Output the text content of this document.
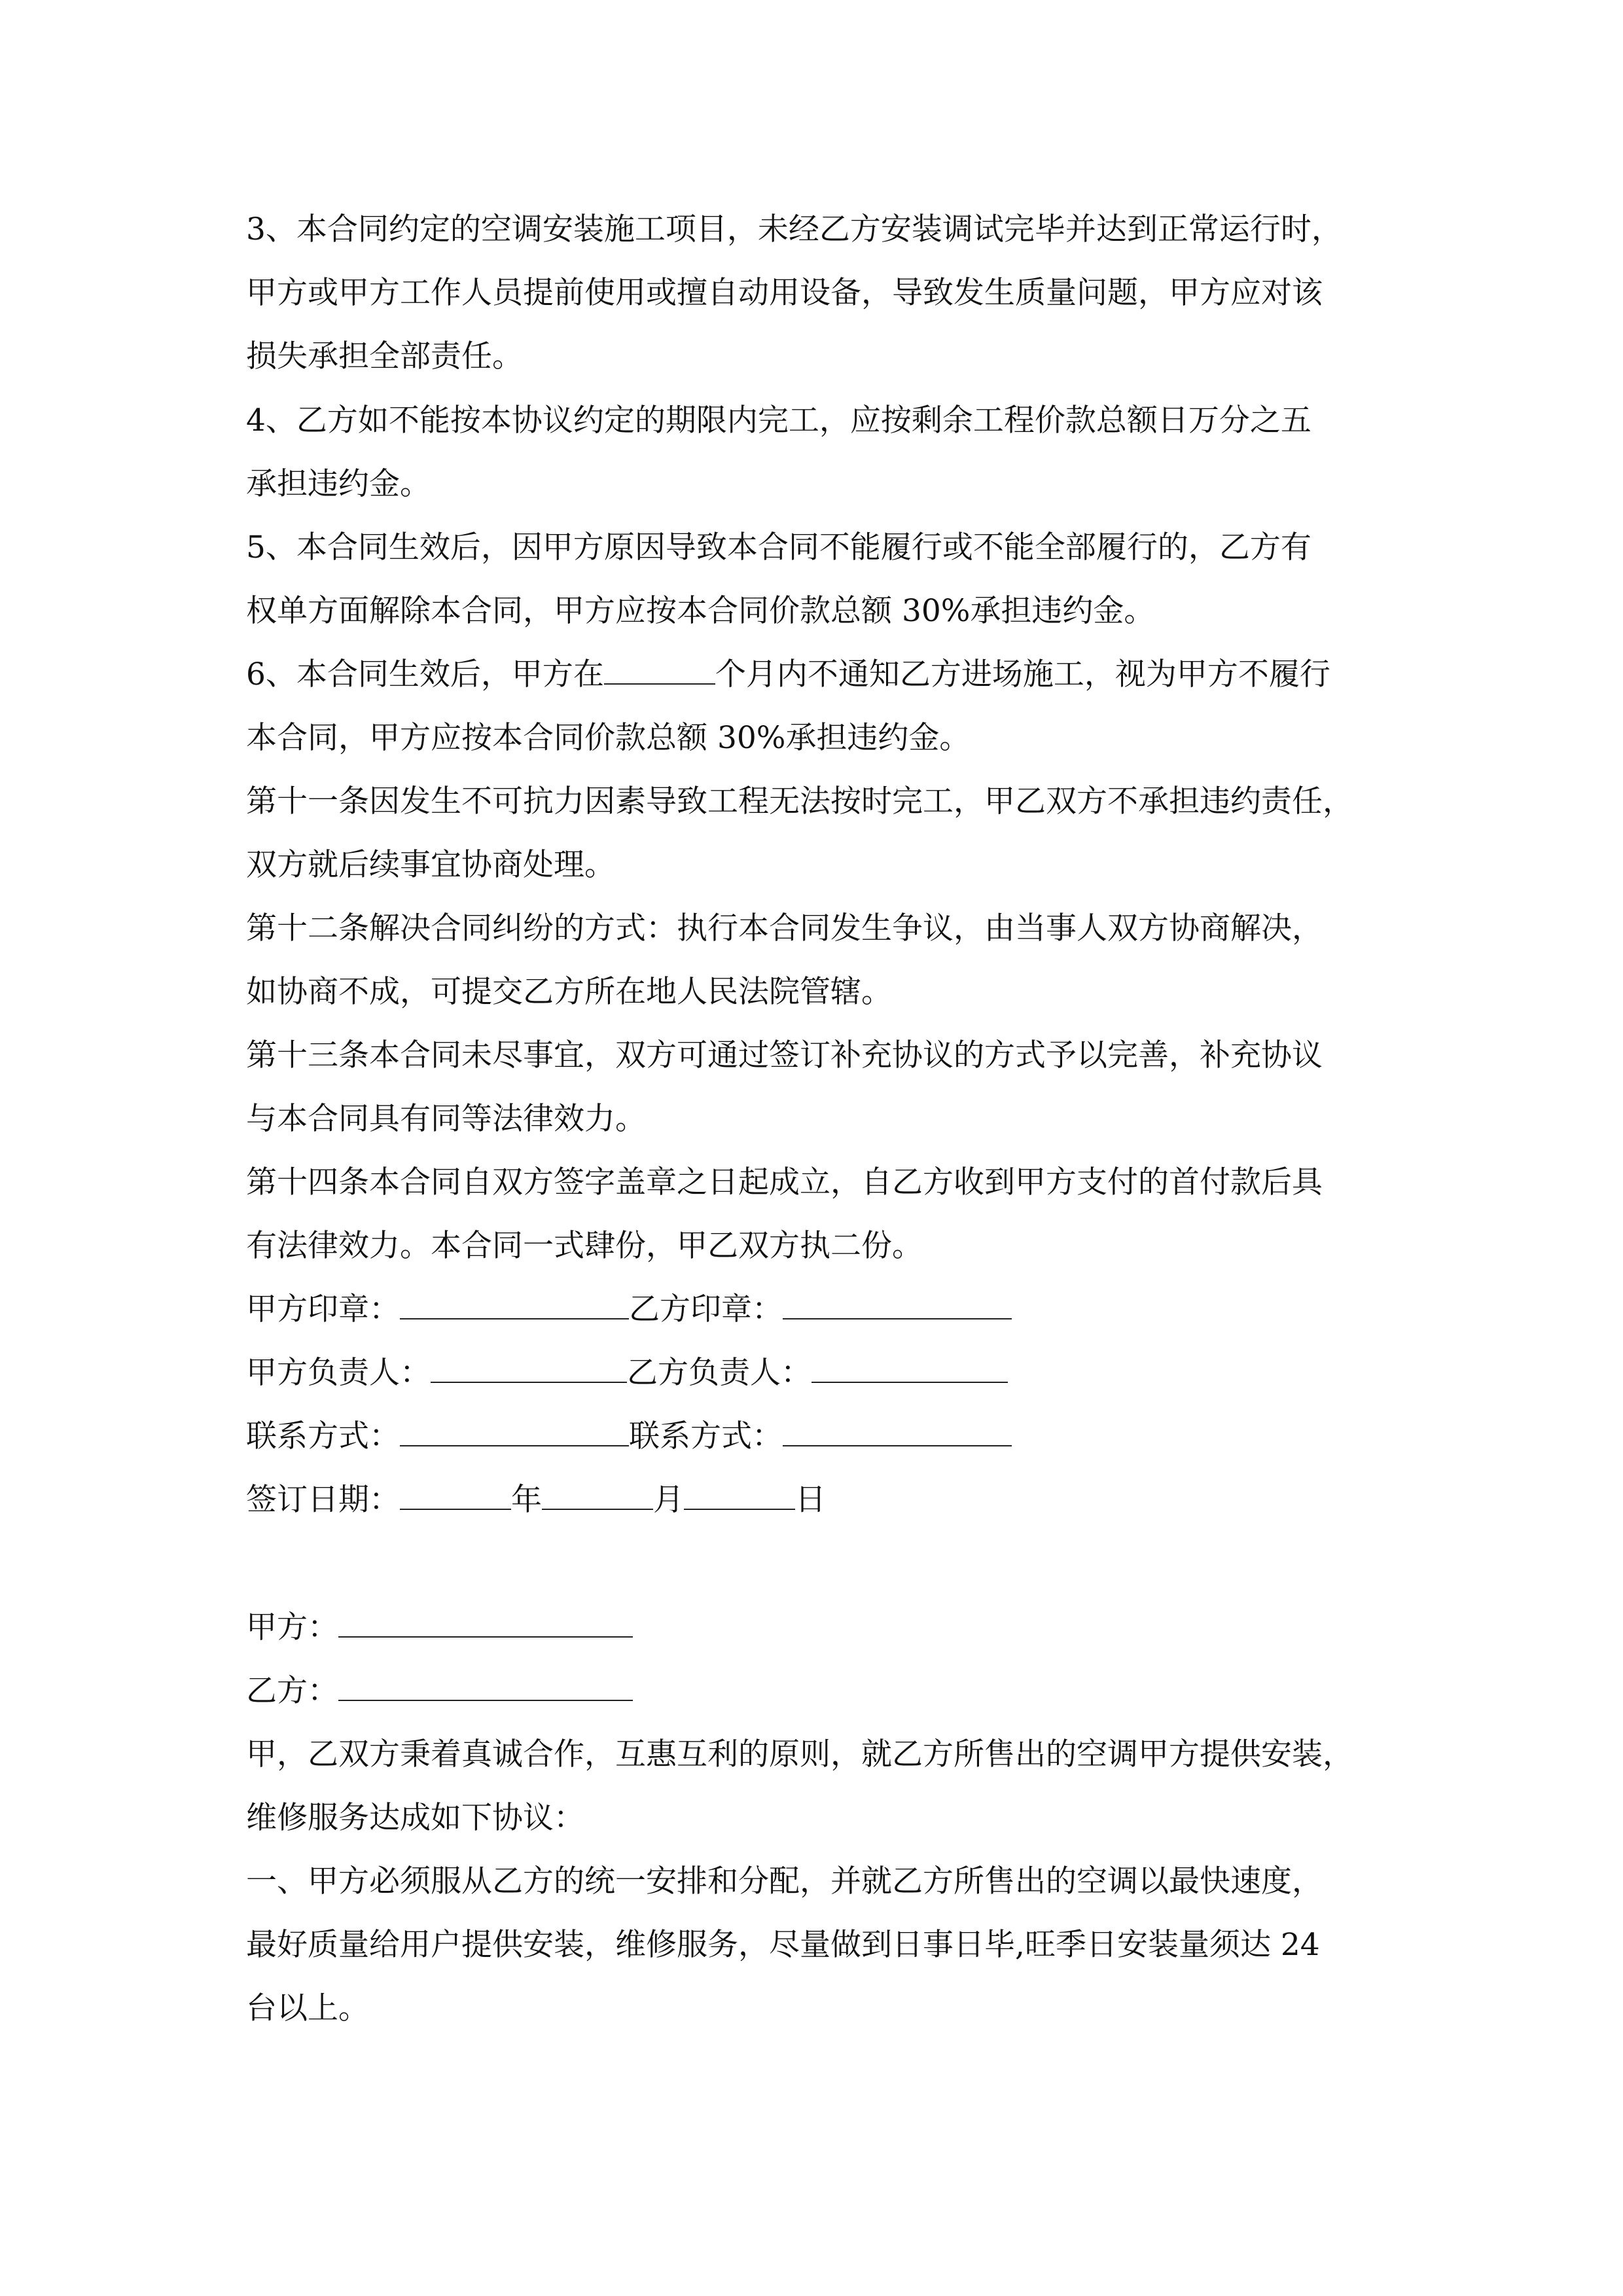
3、本合同约定的空调安装施工项目，未经乙方安装调试完毕并达到正常运行时，
甲方或甲方工作人员提前使用或擅自动用设备，导致发生质量问题，甲方应对该
损失承担全部责任。
4、乙方如不能按本协议约定的期限内完工，应按剩余工程价款总额日万分之五
承担违约金。
5、本合同生效后，因甲方原因导致本合同不能履行或不能全部履行的，乙方有
权单方面解除本合同，甲方应按本合同价款总额 30%承担违约金。
6、本合同生效后，甲方在	个月内不通知乙方进场施工，视为甲方不履行
本合同，甲方应按本合同价款总额 30%承担违约金。
第十一条因发生不可抗力因素导致工程无法按时完工，甲乙双方不承担违约责任，
双方就后续事宜协商处理。
第十二条解决合同纠纷的方式：执行本合同发生争议，由当事人双方协商解决，
如协商不成，可提交乙方所在地人民法院管辖。
第十三条本合同未尽事宜，双方可通过签订补充协议的方式予以完善，补充协议
与本合同具有同等法律效力。
第十四条本合同自双方签字盖章之日起成立，自乙方收到甲方支付的首付款后具
有法律效力。本合同一式肆份，甲乙双方执二份。
甲方印章：	乙方印章：
甲方负责人：	乙方负责人：
联系方式：	联系方式：
签订日期：	年	月	日
甲方：
乙方：
甲，乙双方秉着真诚合作，互惠互利的原则，就乙方所售出的空调甲方提供安装，
维修服务达成如下协议：
一、甲方必须服从乙方的统一安排和分配，并就乙方所售出的空调以最快速度，
最好质量给用户提供安装，维修服务，尽量做到日事日毕,旺季日安装量须达 24
台以上。
